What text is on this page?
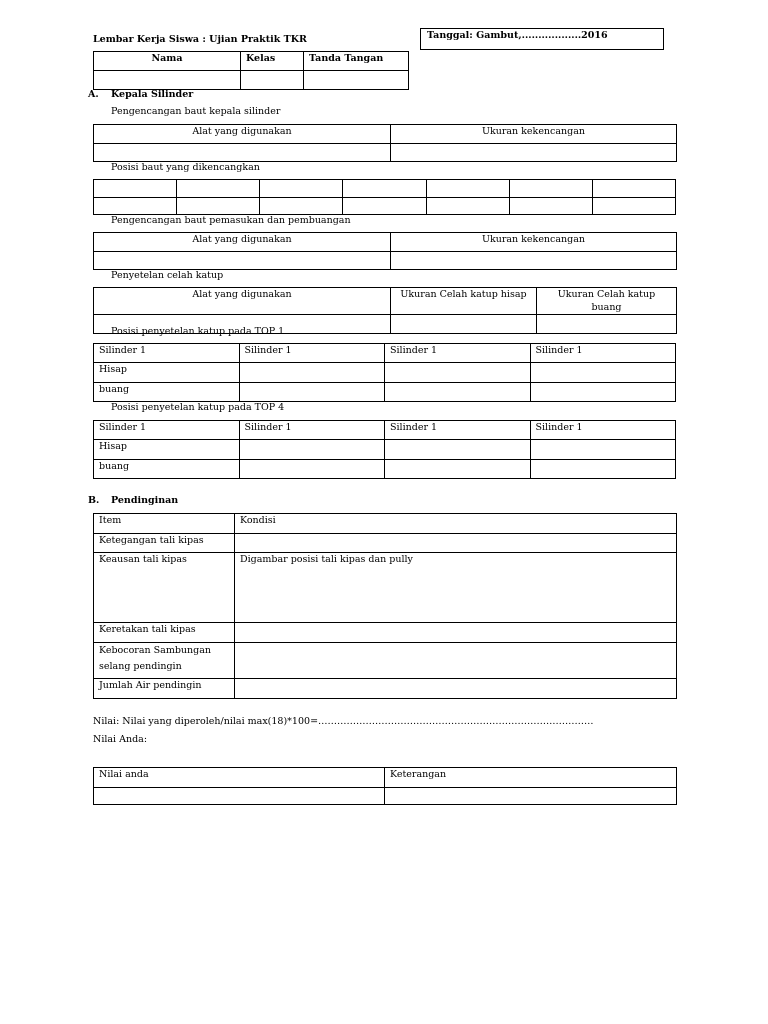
Lembar Kerja Siswa : Ujian Praktik TKR	Tanggal: Gambut,..................2016
Nama	Kelas	Tanda Tangan

A. Kepala Silinder
Pengencangan baut kepala silinder
Alat yang digunakan	Ukuran kekencangan

Posisi baut yang dikencangkan

Pengencangan baut pemasukan dan pembuangan
Alat yang digunakan	Ukuran kekencangan

Penyetelan celah katup
Alat yang digunakan	Ukuran Celah katup hisap	Ukuran Celah katup buang

Posisi penyetelan katup pada TOP 1
Silinder 1	Silinder 1	Silinder 1	Silinder 1
Hisap			
buang			
Posisi penyetelan katup pada TOP 4
Silinder 1	Silinder 1	Silinder 1	Silinder 1
Hisap			
buang			
B. Pendinginan
Item	Kondisi
Ketegangan tali kipas	
Keausan tali kipas	Digambar posisi tali kipas dan pully
Keretakan tali kipas	
Kebocoran Sambungan
selang pendingin	
Jumlah Air pendingin	
Nilai: Nilai yang diperoleh/nilai max(18)*100=……………………………………………………………………………
Nilai Anda:
Nilai anda	Keterangan
